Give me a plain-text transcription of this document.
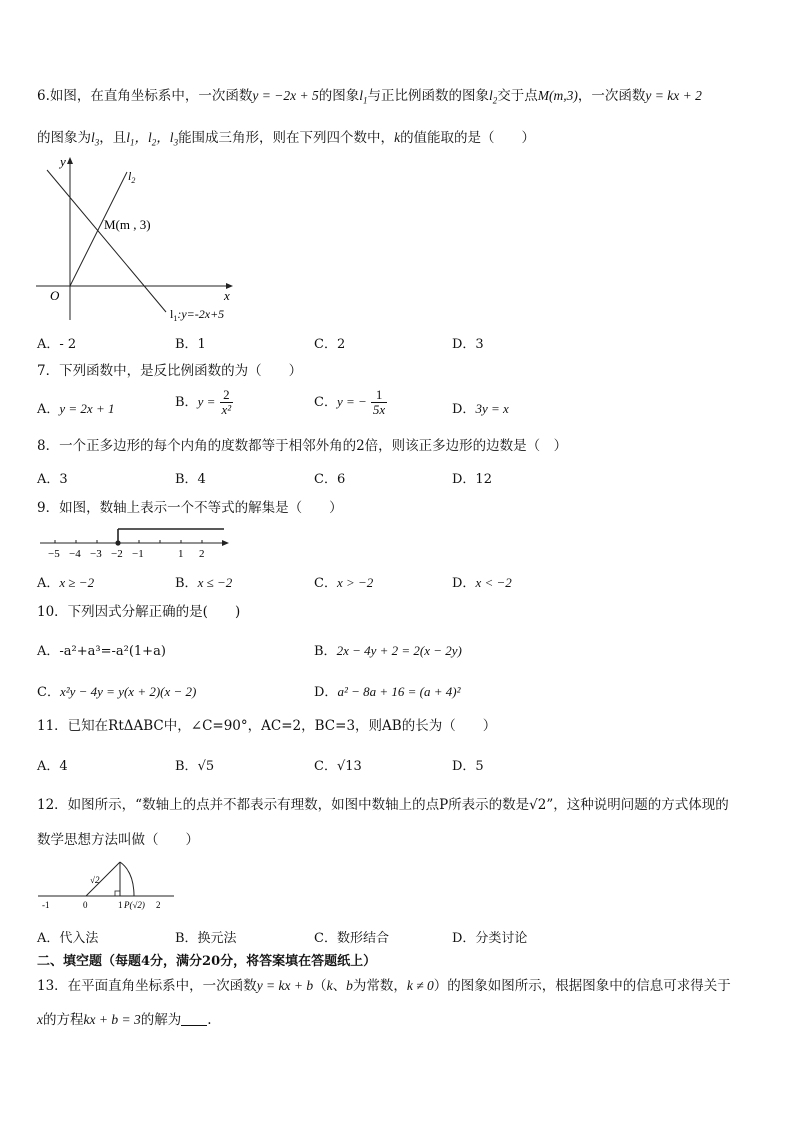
6.如图，在直角坐标系中，一次函数y = −2x + 5的图象$l_1$与正比例函数的图象$l_2$交于点M(m,3)，一次函数y = kx + 2
的图象为$l_3$，且$l_1$，$l_2$，$l_3$能围成三角形，则在下列四个数中，k的值能取的是（　　）
y
x
O
$l_2$
M(m , 3)
$l_1:y=-2x+5$
A．- 2	B．1	C．2	D．3
7．下列函数中，是反比例函数的为（　　）
A．y = 2x + 1	B．$y = \frac{2}{\text{x²}}$	C．y = − $\frac{1}{5x}$	D．3y = x
8．一个正多边形的每个内角的度数都等于相邻外角的2倍，则该正多边形的边数是（　）
A．3	B．4	C．6	D．12
9．如图，数轴上表示一个不等式的解集是（　　）
−5 −4 −3 −2 −1	1 2
A．x ≥ −2	B．x ≤ −2	C．x > −2	D．x < −2
10．下列因式分解正确的是(　　)
A．-a²+a³=-a²(1+a)	B．2x − 4y + 2 = 2(x − 2y)
C．x²y − 4y = y(x + 2)(x − 2)	D．a² − 8a + 16 = (a + 4)²
11．已知在RtΔABC中，∠C=90°，AC=2，BC=3，则AB的长为（　　）
A．4	B．√5	C．√13	D．5
12．如图所示，“数轴上的点并不都表示有理数，如图中数轴上的点P所表示的数是√2”，这种说明问题的方式体现的
数学思想方法叫做（　　）
√2
-1	0	1 P(√2) 2
A．代入法	B．换元法	C．数形结合	D．分类讨论
二、填空题（每题4分，满分20分，将答案填在答题纸上）
13．在平面直角坐标系中，一次函数y = kx + b（k、b为常数，k ≠ 0）的图象如图所示，根据图象中的信息可求得关于
x的方程kx + b = 3的解为 .
